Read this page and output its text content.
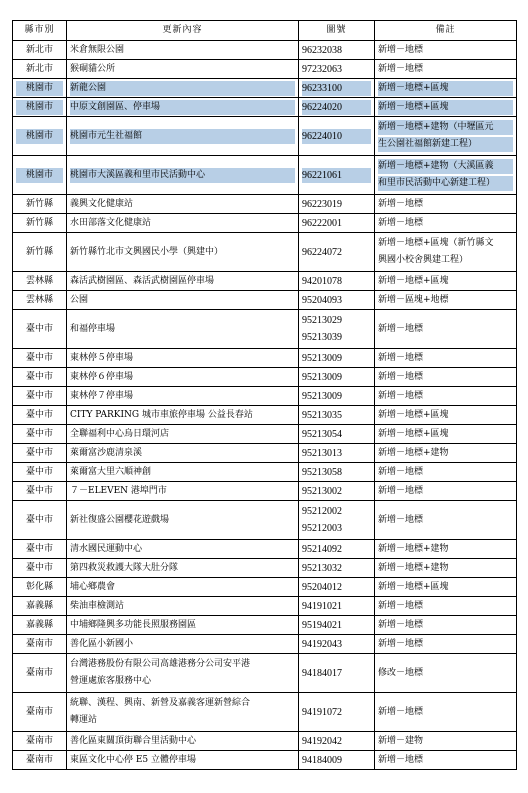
縣市別	更新內容	圖號	備註

新北市	米倉無限公園	96232038	新增－地標

新北市	猴硐貓公所	97232063	新增－地標

桃園市	新龍公園	96233100	新增－地標+區塊

桃園市	中原文創園區、停車場	96224020	新增－地標+區塊

桃園市	桃園市元生社福館	96224010	新增－地標+建物（中壢區元
生公園社福館新建工程）

桃園市	桃園市大溪區義和里市民活動中心	96221061	新增－地標+建物（大溪區義
和里市民活動中心新建工程）

新竹縣	義興文化健康站	96223019	新增－地標

新竹縣	水田部落文化健康站	96222001	新增－地標

新竹縣	新竹縣竹北市文興國民小學（興建中）	96224072	新增－地標+區塊（新竹縣文
興國小校舍興建工程）

雲林縣	森活武樹園區、森活武樹園區停車場	94201078	新增－地標+區塊

雲林縣	公園	95204093	新增－區塊+地標

臺中市	和福停車場	95213029
95213039	新增－地標

臺中市	東林停５停車場	95213009	新增－地標

臺中市	東林停６停車場	95213009	新增－地標

臺中市	東林停７停車場	95213009	新增－地標

臺中市	CITY PARKING 城市車旅停車場 公益長春站	95213035	新增－地標+區塊

臺中市	全聯福利中心烏日環河店	95213054	新增－地標+區塊

臺中市	萊爾富沙鹿清泉溪	95213013	新增－地標+建物

臺中市	萊爾富大里六順神創	95213058	新增－地標

臺中市	７－ELEVEN 港埠門市	95213002	新增－地標

臺中市	新社復盛公園櫻花遊戲場	95212002
95212003	新增－地標

臺中市	清水國民運動中心	95214092	新增－地標+建物

臺中市	第四救災救護大隊大肚分隊	95213032	新增－地標+建物

彰化縣	埔心鄉農會	95204012	新增－地標+區塊

嘉義縣	柴油車檢測站	94191021	新增－地標

嘉義縣	中埔鄉隆興多功能長照服務園區	95194021	新增－地標

臺南市	善化區小新國小	94192043	新增－地標

臺南市	台灣港務股份有限公司高雄港務分公司安平港
營運處旅客服務中心	94184017	修改－地標

臺南市	統聯、漢程、興南、新營及嘉義客運新營綜合
轉運站	94191072	新增－地標

臺南市	善化區東關頂街聯合里活動中心	94192042	新增－建物

臺南市	東區文化中心停 E5 立體停車場	94184009	新增－地標
